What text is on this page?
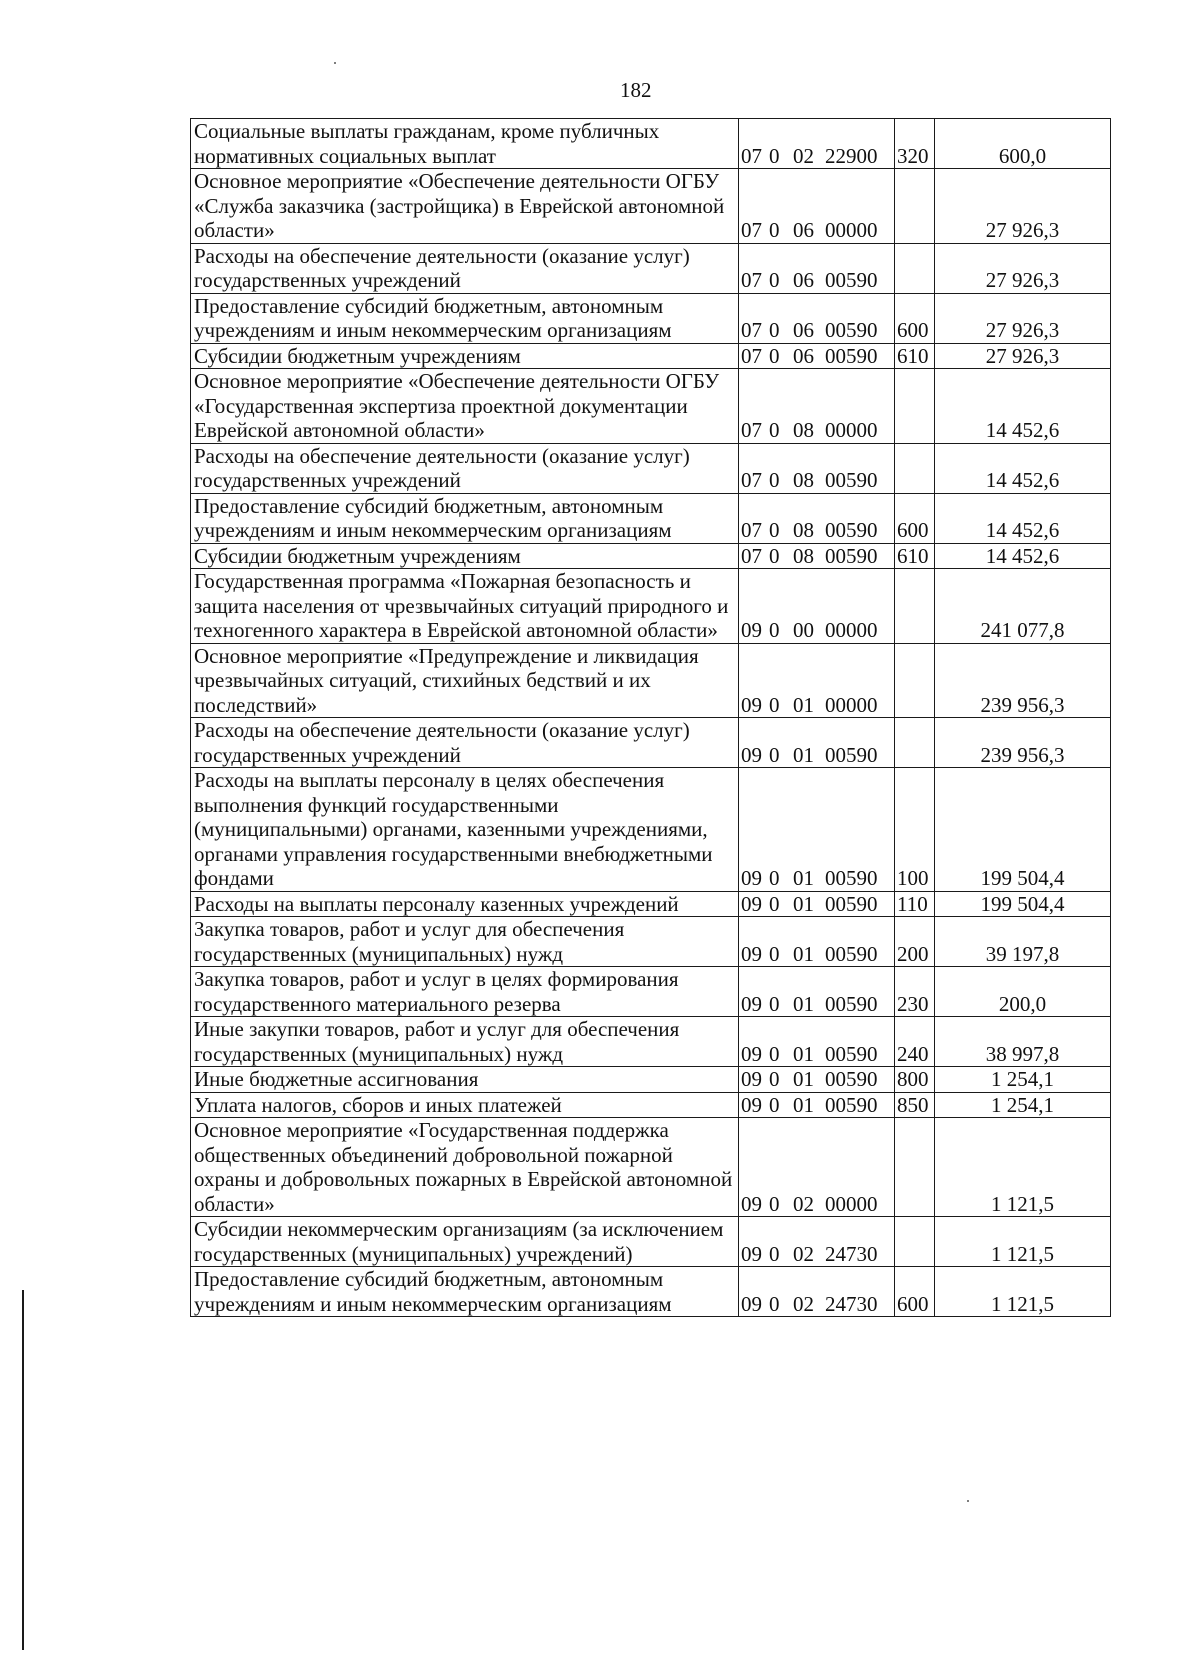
182
Социальные выплаты гражданам, кроме публичных нормативных социальных выплат	07 0 02 22900	320	600,0
Основное мероприятие «Обеспечение деятельности ОГБУ «Служба заказчика (застройщика) в Еврейской автономной области»	07 0 06 00000		27 926,3
Расходы на обеспечение деятельности (оказание услуг) государственных учреждений	07 0 06 00590		27 926,3
Предоставление субсидий бюджетным, автономным учреждениям и иным некоммерческим организациям	07 0 06 00590	600	27 926,3
Субсидии бюджетным учреждениям	07 0 06 00590	610	27 926,3
Основное мероприятие «Обеспечение деятельности ОГБУ «Государственная экспертиза проектной документации Еврейской автономной области»	07 0 08 00000		14 452,6
Расходы на обеспечение деятельности (оказание услуг) государственных учреждений	07 0 08 00590		14 452,6
Предоставление субсидий бюджетным, автономным учреждениям и иным некоммерческим организациям	07 0 08 00590	600	14 452,6
Субсидии бюджетным учреждениям	07 0 08 00590	610	14 452,6
Государственная программа «Пожарная безопасность и защита населения от чрезвычайных ситуаций природного и техногенного характера в Еврейской автономной области»	09 0 00 00000		241 077,8
Основное мероприятие «Предупреждение и ликвидация чрезвычайных ситуаций, стихийных бедствий и их последствий»	09 0 01 00000		239 956,3
Расходы на обеспечение деятельности (оказание услуг) государственных учреждений	09 0 01 00590		239 956,3
Расходы на выплаты персоналу в целях обеспечения выполнения функций государственными (муниципальными) органами, казенными учреждениями, органами управления государственными внебюджетными фондами	09 0 01 00590	100	199 504,4
Расходы на выплаты персоналу казенных учреждений	09 0 01 00590	110	199 504,4
Закупка товаров, работ и услуг для обеспечения государственных (муниципальных) нужд	09 0 01 00590	200	39 197,8
Закупка товаров, работ и услуг в целях формирования государственного материального резерва	09 0 01 00590	230	200,0
Иные закупки товаров, работ и услуг для обеспечения государственных (муниципальных) нужд	09 0 01 00590	240	38 997,8
Иные бюджетные ассигнования	09 0 01 00590	800	1 254,1
Уплата налогов, сборов и иных платежей	09 0 01 00590	850	1 254,1
Основное мероприятие «Государственная поддержка общественных объединений добровольной пожарной охраны и добровольных пожарных в Еврейской автономной области»	09 0 02 00000		1 121,5
Субсидии некоммерческим организациям (за исключением государственных (муниципальных) учреждений)	09 0 02 24730		1 121,5
Предоставление субсидий бюджетным, автономным учреждениям и иным некоммерческим организациям	09 0 02 24730	600	1 121,5
